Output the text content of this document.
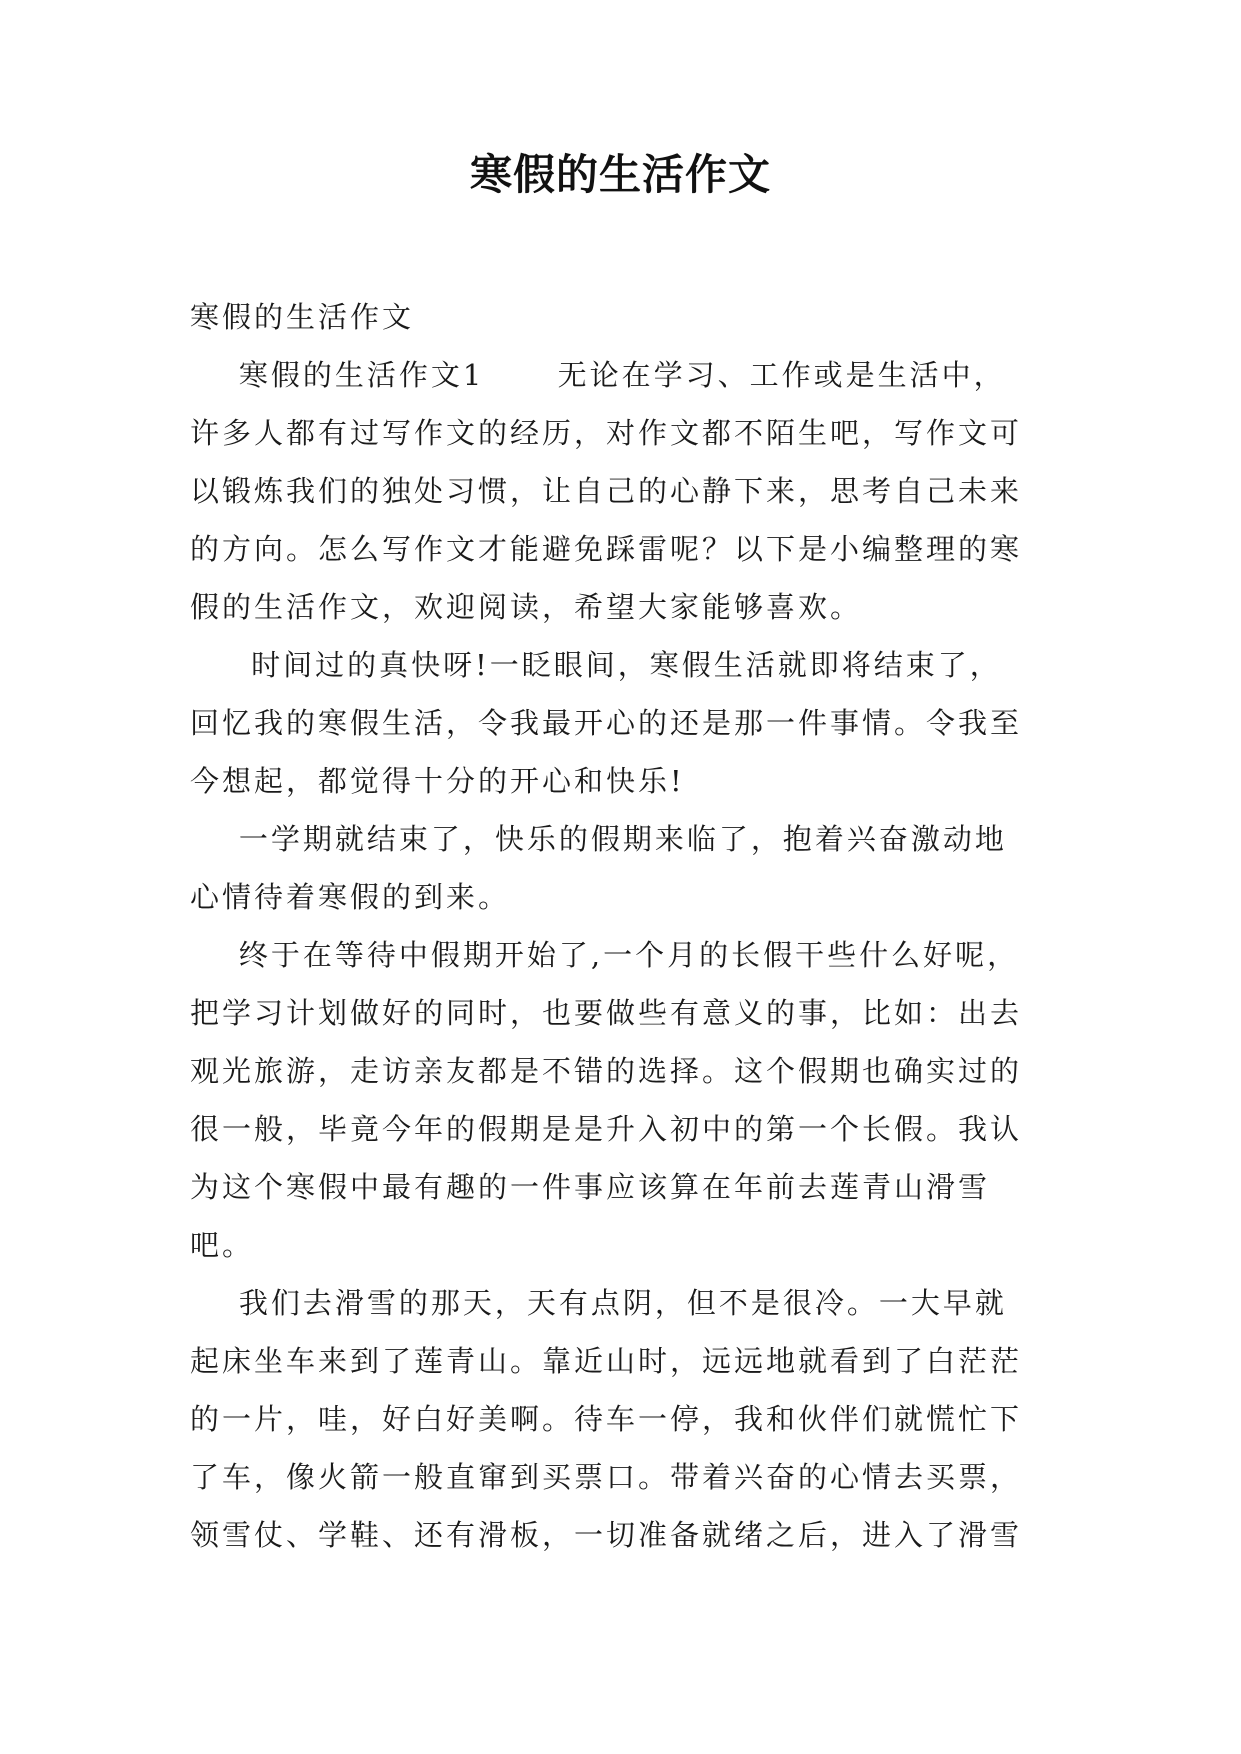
寒假的生活作文
寒假的生活作文
寒假的生活作文1      无论在学习、工作或是生活中，
许多人都有过写作文的经历，对作文都不陌生吧，写作文可
以锻炼我们的独处习惯，让自己的心静下来，思考自己未来
的方向。怎么写作文才能避免踩雷呢？以下是小编整理的寒
假的生活作文，欢迎阅读，希望大家能够喜欢。
时间过的真快呀!一眨眼间，寒假生活就即将结束了，
回忆我的寒假生活，令我最开心的还是那一件事情。令我至
今想起，都觉得十分的开心和快乐!
一学期就结束了，快乐的假期来临了，抱着兴奋激动地
心情待着寒假的到来。
终于在等待中假期开始了,一个月的长假干些什么好呢，
把学习计划做好的同时，也要做些有意义的事，比如：出去
观光旅游，走访亲友都是不错的选择。这个假期也确实过的
很一般，毕竟今年的假期是是升入初中的第一个长假。我认
为这个寒假中最有趣的一件事应该算在年前去莲青山滑雪
吧。
我们去滑雪的那天，天有点阴，但不是很冷。一大早就
起床坐车来到了莲青山。靠近山时，远远地就看到了白茫茫
的一片，哇，好白好美啊。待车一停，我和伙伴们就慌忙下
了车，像火箭一般直窜到买票口。带着兴奋的心情去买票，
领雪仗、学鞋、还有滑板，一切准备就绪之后，进入了滑雪
